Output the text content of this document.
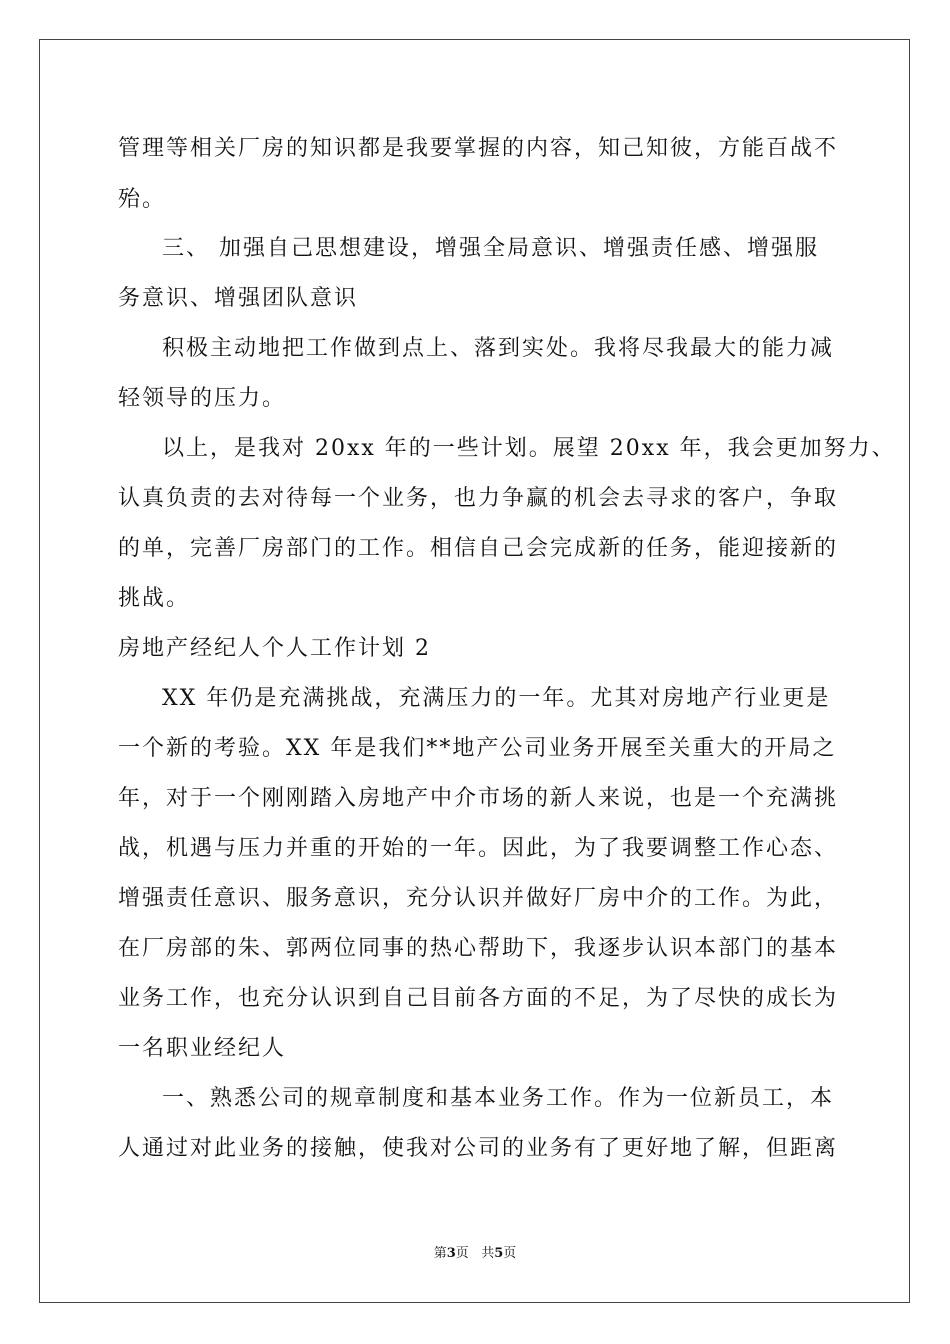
管理等相关厂房的知识都是我要掌握的内容，知己知彼，方能百战不
殆。
三、 加强自己思想建设，增强全局意识、增强责任感、增强服
务意识、增强团队意识
积极主动地把工作做到点上、落到实处。我将尽我最大的能力减
轻领导的压力。
以上，是我对 20xx 年的一些计划。展望 20xx 年，我会更加努力、
认真负责的去对待每一个业务，也力争赢的机会去寻求的客户，争取
的单，完善厂房部门的工作。相信自己会完成新的任务，能迎接新的
挑战。
房地产经纪人个人工作计划 2
XX 年仍是充满挑战，充满压力的一年。尤其对房地产行业更是
一个新的考验。XX 年是我们**地产公司业务开展至关重大的开局之
年，对于一个刚刚踏入房地产中介市场的新人来说，也是一个充满挑
战，机遇与压力并重的开始的一年。因此，为了我要调整工作心态、
增强责任意识、服务意识，充分认识并做好厂房中介的工作。为此，
在厂房部的朱、郭两位同事的热心帮助下，我逐步认识本部门的基本
业务工作，也充分认识到自己目前各方面的不足，为了尽快的成长为
一名职业经纪人
一、熟悉公司的规章制度和基本业务工作。作为一位新员工，本
人通过对此业务的接触，使我对公司的业务有了更好地了解，但距离
第3页   共5页
